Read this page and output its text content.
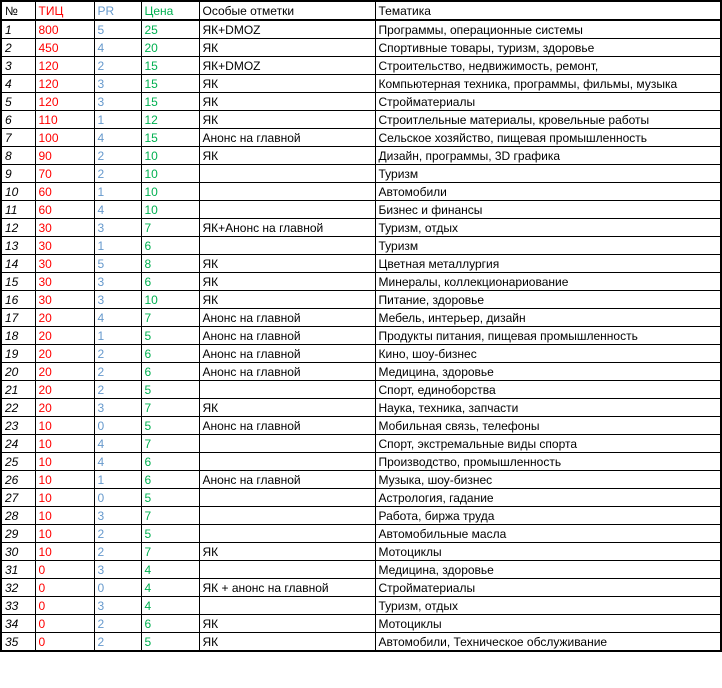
№	ТИЦ	PR	Цена	Особые отметки	Тематика
1	800	5	25	ЯК+DMOZ	Программы, операционные системы
2	450	4	20	ЯК	Спортивные товары, туризм, здоровье
3	120	2	15	ЯК+DMOZ	Строительство, недвижимость, ремонт,
4	120	3	15	ЯК	Компьютерная техника, программы, фильмы, музыка
5	120	3	15	ЯК	Стройматериалы
6	110	1	12	ЯК	Строитлельные материалы, кровельные работы
7	100	4	15	Анонс на главной	Сельское хозяйство, пищевая промышленность
8	90	2	10	ЯК	Дизайн, программы, 3D графика
9	70	2	10		Туризм
10	60	1	10		Автомобили
11	60	4	10		Бизнес и финансы
12	30	3	7	ЯК+Анонс на главной	Туризм, отдых
13	30	1	6		Туризм
14	30	5	8	ЯК	Цветная металлургия
15	30	3	6	ЯК	Минералы, коллекционариование
16	30	3	10	ЯК	Питание, здоровье
17	20	4	7	Анонс на главной	Мебель, интерьер, дизайн
18	20	1	5	Анонс на главной	Продукты питания, пищевая промышленность
19	20	2	6	Анонс на главной	Кино, шоу-бизнес
20	20	2	6	Анонс на главной	Медицина, здоровье
21	20	2	5		Спорт, единоборства
22	20	3	7	ЯК	Наука, техника, запчасти
23	10	0	5	Анонс на главной	Мобильная связь, телефоны
24	10	4	7		Спорт, экстремальные виды спорта
25	10	4	6		Производство, промышленность
26	10	1	6	Анонс на главной	Музыка, шоу-бизнес
27	10	0	5		Астрология, гадание
28	10	3	7		Работа, биржа труда
29	10	2	5		Автомобильные масла
30	10	2	7	ЯК	Мотоциклы
31	0	3	4		Медицина, здоровье
32	0	0	4	ЯК + анонс на главной	Стройматериалы
33	0	3	4		Туризм, отдых
34	0	2	6	ЯК	Мотоциклы
35	0	2	5	ЯК	Автомобили, Техническое обслуживание
